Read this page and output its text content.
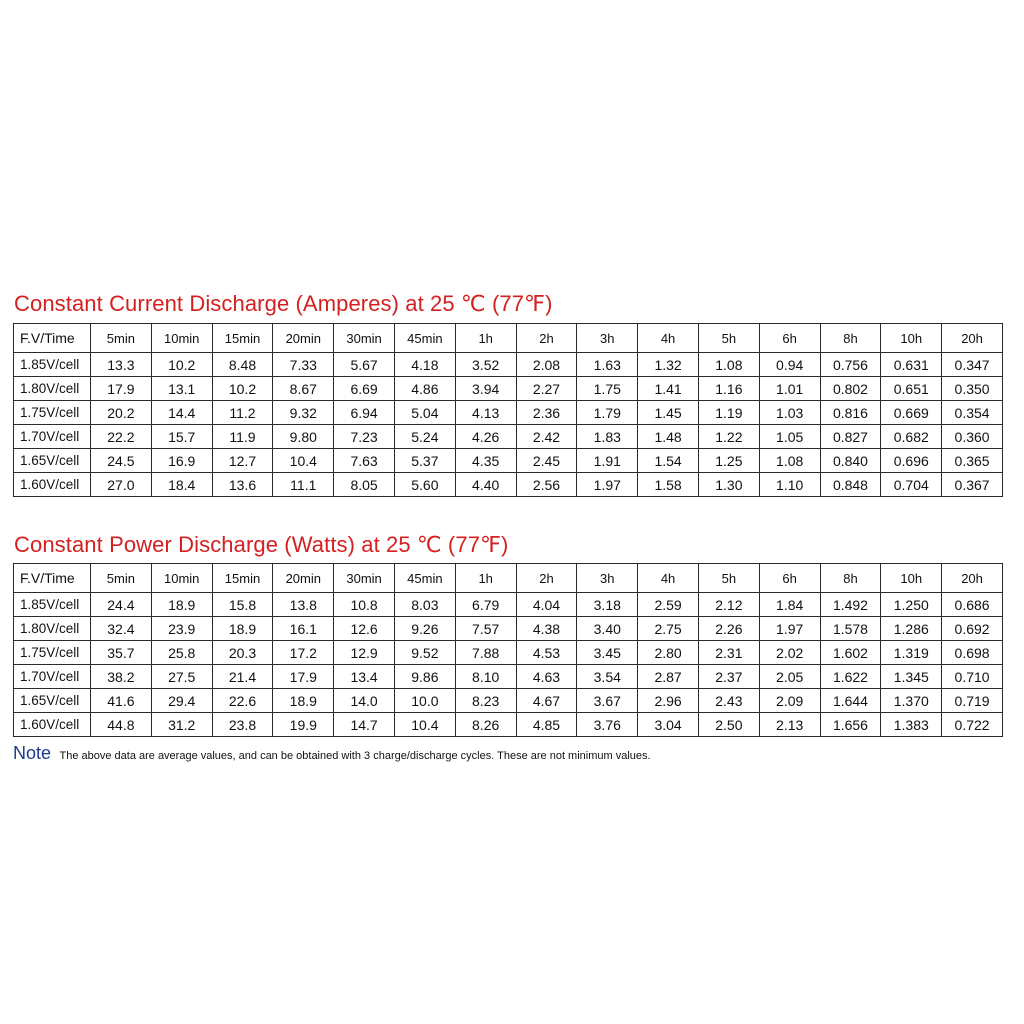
Constant Current Discharge (Amperes) at 25 ℃ (77℉)
F.V/Time	5min	10min	15min	20min	30min	45min	1h	2h	3h	4h	5h	6h	8h	10h	20h
1.85V/cell	13.3	10.2	8.48	7.33	5.67	4.18	3.52	2.08	1.63	1.32	1.08	0.94	0.756	0.631	0.347
1.80V/cell	17.9	13.1	10.2	8.67	6.69	4.86	3.94	2.27	1.75	1.41	1.16	1.01	0.802	0.651	0.350
1.75V/cell	20.2	14.4	11.2	9.32	6.94	5.04	4.13	2.36	1.79	1.45	1.19	1.03	0.816	0.669	0.354
1.70V/cell	22.2	15.7	11.9	9.80	7.23	5.24	4.26	2.42	1.83	1.48	1.22	1.05	0.827	0.682	0.360
1.65V/cell	24.5	16.9	12.7	10.4	7.63	5.37	4.35	2.45	1.91	1.54	1.25	1.08	0.840	0.696	0.365
1.60V/cell	27.0	18.4	13.6	11.1	8.05	5.60	4.40	2.56	1.97	1.58	1.30	1.10	0.848	0.704	0.367
Constant Power Discharge (Watts) at 25 ℃ (77℉)
F.V/Time	5min	10min	15min	20min	30min	45min	1h	2h	3h	4h	5h	6h	8h	10h	20h
1.85V/cell	24.4	18.9	15.8	13.8	10.8	8.03	6.79	4.04	3.18	2.59	2.12	1.84	1.492	1.250	0.686
1.80V/cell	32.4	23.9	18.9	16.1	12.6	9.26	7.57	4.38	3.40	2.75	2.26	1.97	1.578	1.286	0.692
1.75V/cell	35.7	25.8	20.3	17.2	12.9	9.52	7.88	4.53	3.45	2.80	2.31	2.02	1.602	1.319	0.698
1.70V/cell	38.2	27.5	21.4	17.9	13.4	9.86	8.10	4.63	3.54	2.87	2.37	2.05	1.622	1.345	0.710
1.65V/cell	41.6	29.4	22.6	18.9	14.0	10.0	8.23	4.67	3.67	2.96	2.43	2.09	1.644	1.370	0.719
1.60V/cell	44.8	31.2	23.8	19.9	14.7	10.4	8.26	4.85	3.76	3.04	2.50	2.13	1.656	1.383	0.722
Note The above data are average values, and can be obtained with 3 charge/discharge cycles. These are not minimum values.
